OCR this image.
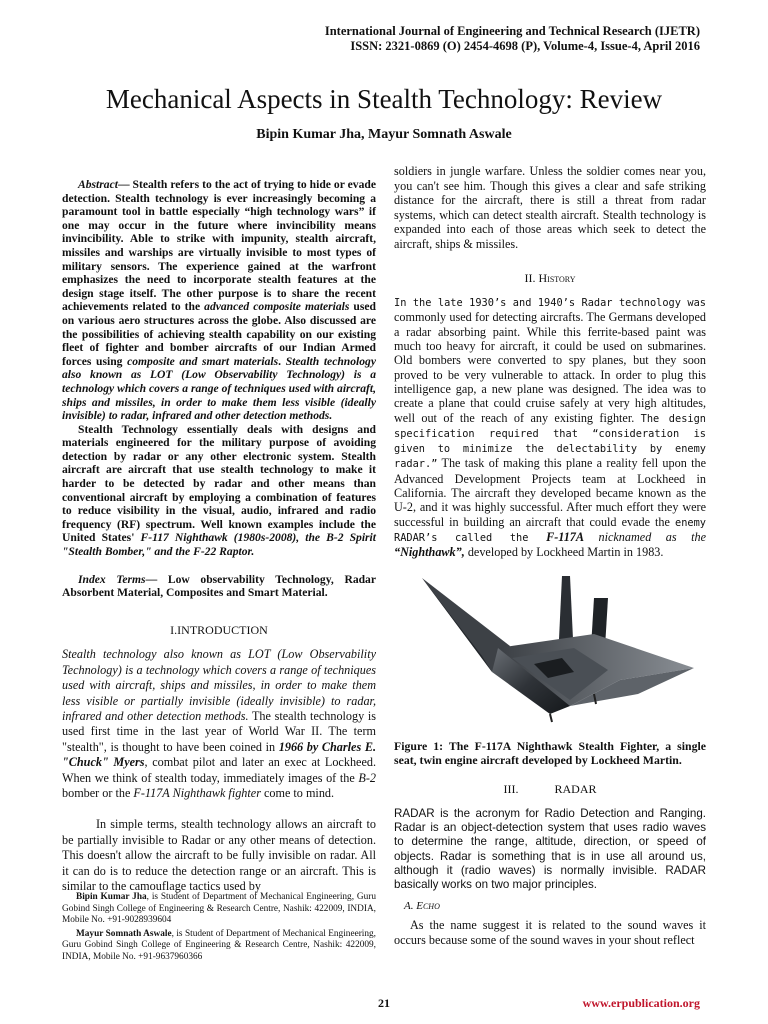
International Journal of Engineering and Technical Research (IJETR)
ISSN: 2321-0869 (O) 2454-4698 (P), Volume-4, Issue-4, April 2016
Mechanical Aspects in Stealth Technology: Review
Bipin Kumar Jha, Mayur Somnath Aswale

Abstract— Stealth refers to the act of trying to hide or evade detection. Stealth technology is ever increasingly becoming a paramount tool in battle especially “high technology wars” if one may occur in the future where invincibility means invincibility. Able to strike with impunity, stealth aircraft, missiles and warships are virtually invisible to most types of military sensors. The experience gained at the warfront emphasizes the need to incorporate stealth features at the design stage itself. The other purpose is to share the recent achievements related to the advanced composite materials used on various aero structures across the globe. Also discussed are the possibilities of achieving stealth capability on our existing fleet of fighter and bomber aircrafts of our Indian Armed forces using composite and smart materials. Stealth technology also known as LOT (Low Observability Technology) is a technology which covers a range of techniques used with aircraft, ships and missiles, in order to make them less visible (ideally invisible) to radar, infrared and other detection methods.

Stealth Technology essentially deals with designs and materials engineered for the military purpose of avoiding detection by radar or any other electronic system. Stealth aircraft are aircraft that use stealth technology to make it harder to be detected by radar and other means than conventional aircraft by employing a combination of features to reduce visibility in the visual, audio, infrared and radio frequency (RF) spectrum. Well known examples include the United States' F-117 Nighthawk (1980s-2008), the B-2 Spirit "Stealth Bomber," and the F-22 Raptor.

Index Terms— Low observability Technology, Radar Absorbent Material, Composites and Smart Material.

I.INTRODUCTION

Stealth technology also known as LOT (Low Observability Technology) is a technology which covers a range of techniques used with aircraft, ships and missiles, in order to make them less visible or partially invisible (ideally invisible) to radar, infrared and other detection methods. The stealth technology is used first time in the last year of World War II. The term "stealth", is thought to have been coined in 1966 by Charles E. "Chuck" Myers, combat pilot and later an exec at Lockheed. When we think of stealth today, immediately images of the B-2 bomber or the F-117A Nighthawk fighter come to mind.

In simple terms, stealth technology allows an aircraft to be partially invisible to Radar or any other means of detection. This doesn't allow the aircraft to be fully invisible on radar. All it can do is to reduce the detection range or an aircraft. This is similar to the camouflage tactics used by

soldiers in jungle warfare. Unless the soldier comes near you, you can't see him. Though this gives a clear and safe striking distance for the aircraft, there is still a threat from radar systems, which can detect stealth aircraft. Stealth technology is expanded into each of those areas which seek to detect the aircraft, ships & missiles.

II. History

In the late 1930’s and 1940’s Radar technology was commonly used for detecting aircrafts. The Germans developed a radar absorbing paint. While this ferrite-based paint was much too heavy for aircraft, it could be used on submarines. Old bombers were converted to spy planes, but they soon proved to be very vulnerable to attack. In order to plug this intelligence gap, a new plane was designed. The idea was to create a plane that could cruise safely at very high altitudes, well out of the reach of any existing fighter. The design specification required that “consideration is given to minimize the delectability by enemy radar.” The task of making this plane a reality fell upon the Advanced Development Projects team at Lockheed in California. The aircraft they developed became known as the U-2, and it was highly successful. After much effort they were successful in building an aircraft that could evade the enemy RADAR’s called the F-117A nicknamed as the “Nighthawk”, developed by Lockheed Martin in 1983.

Figure 1: The F-117A Nighthawk Stealth Fighter, a single seat, twin engine aircraft developed by Lockheed Martin.

III.	RADAR

RADAR is the acronym for Radio Detection and Ranging. Radar is an object-detection system that uses radio waves to determine the range, altitude, direction, or speed of objects. Radar is something that is in use all around us, although it (radio waves) is normally invisible. RADAR basically works on two major principles.

A. Echo

As the name suggest it is related to the sound waves it occurs because some of the sound waves in your shout reflect

Bipin Kumar Jha, is Student of Department of Mechanical Engineering, Guru Gobind Singh College of Engineering & Research Centre, Nashik: 422009, INDIA, Mobile No. +91-9028939604

Mayur Somnath Aswale, is Student of Department of Mechanical Engineering, Guru Gobind Singh College of Engineering & Research Centre, Nashik: 422009, INDIA, Mobile No. +91-9637960366

21	www.erpublication.org
